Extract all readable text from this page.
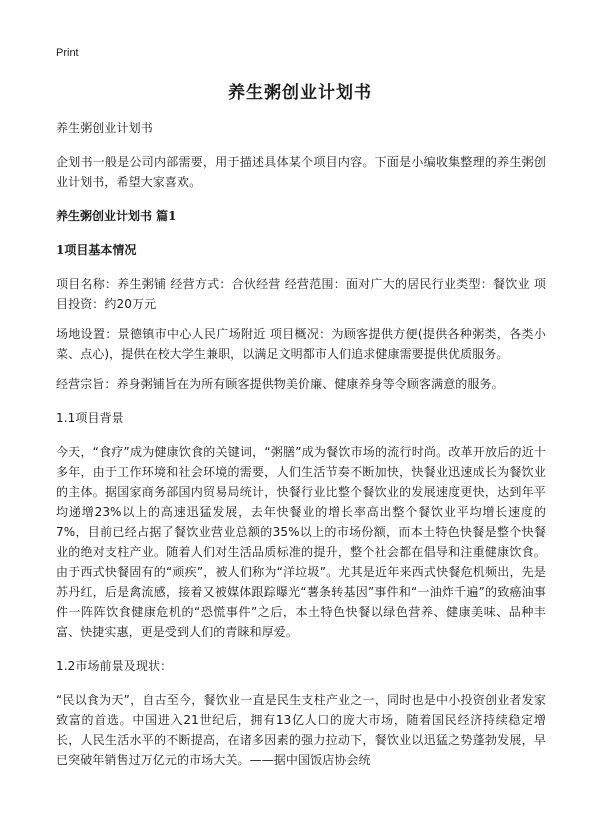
Print
养生粥创业计划书

养生粥创业计划书

企划书一般是公司内部需要，用于描述具体某个项目内容。下面是小编收集整理的养生粥创业计划书，希望大家喜欢。

养生粥创业计划书 篇1
1项目基本情况

项目名称：养生粥铺 经营方式：合伙经营 经营范围：面对广大的居民行业类型：餐饮业 项目投资：约20万元

场地设置：景德镇市中心人民广场附近 项目概况：为顾客提供方便(提供各种粥类，各类小菜、点心)，提供在校大学生兼职，以满足文明都市人们追求健康需要提供优质服务。

经营宗旨：养身粥铺旨在为所有顾客提供物美价廉、健康养身等令顾客满意的服务。

1.1项目背景

今天，“食疗”成为健康饮食的关键词，“粥膳”成为餐饮市场的流行时尚。改革开放后的近十多年，由于工作环境和社会环境的需要，人们生活节奏不断加快，快餐业迅速成长为餐饮业的主体。据国家商务部国内贸易局统计，快餐行业比整个餐饮业的发展速度更快，达到年平均递增23%以上的高速迅猛发展，去年快餐业的增长率高出整个餐饮业平均增长速度的7%，目前已经占据了餐饮业营业总额的35%以上的市场份额，而本土特色快餐是整个快餐业的绝对支柱产业。随着人们对生活品质标准的提升，整个社会都在倡导和注重健康饮食。由于西式快餐固有的“顽疾”，被人们称为“洋垃圾”。尤其是近年来西式快餐危机频出，先是苏丹红，后是禽流感，接着又被媒体跟踪曝光“薯条转基因”事件和“一油炸千遍”的致癌油事件一阵阵饮食健康危机的“恐慌事件”之后，本土特色快餐以绿色营养、健康美味、品种丰富、快捷实惠，更是受到人们的青睐和厚爱。

1.2市场前景及现状：

“民以食为天”，自古至今，餐饮业一直是民生支柱产业之一，同时也是中小投资创业者发家致富的首选。中国进入21世纪后，拥有13亿人口的庞大市场，随着国民经济持续稳定增长，人民生活水平的不断提高，在诸多因素的强力拉动下，餐饮业以迅猛之势蓬勃发展，早已突破年销售过万亿元的市场大关。——据中国饭店协会统
